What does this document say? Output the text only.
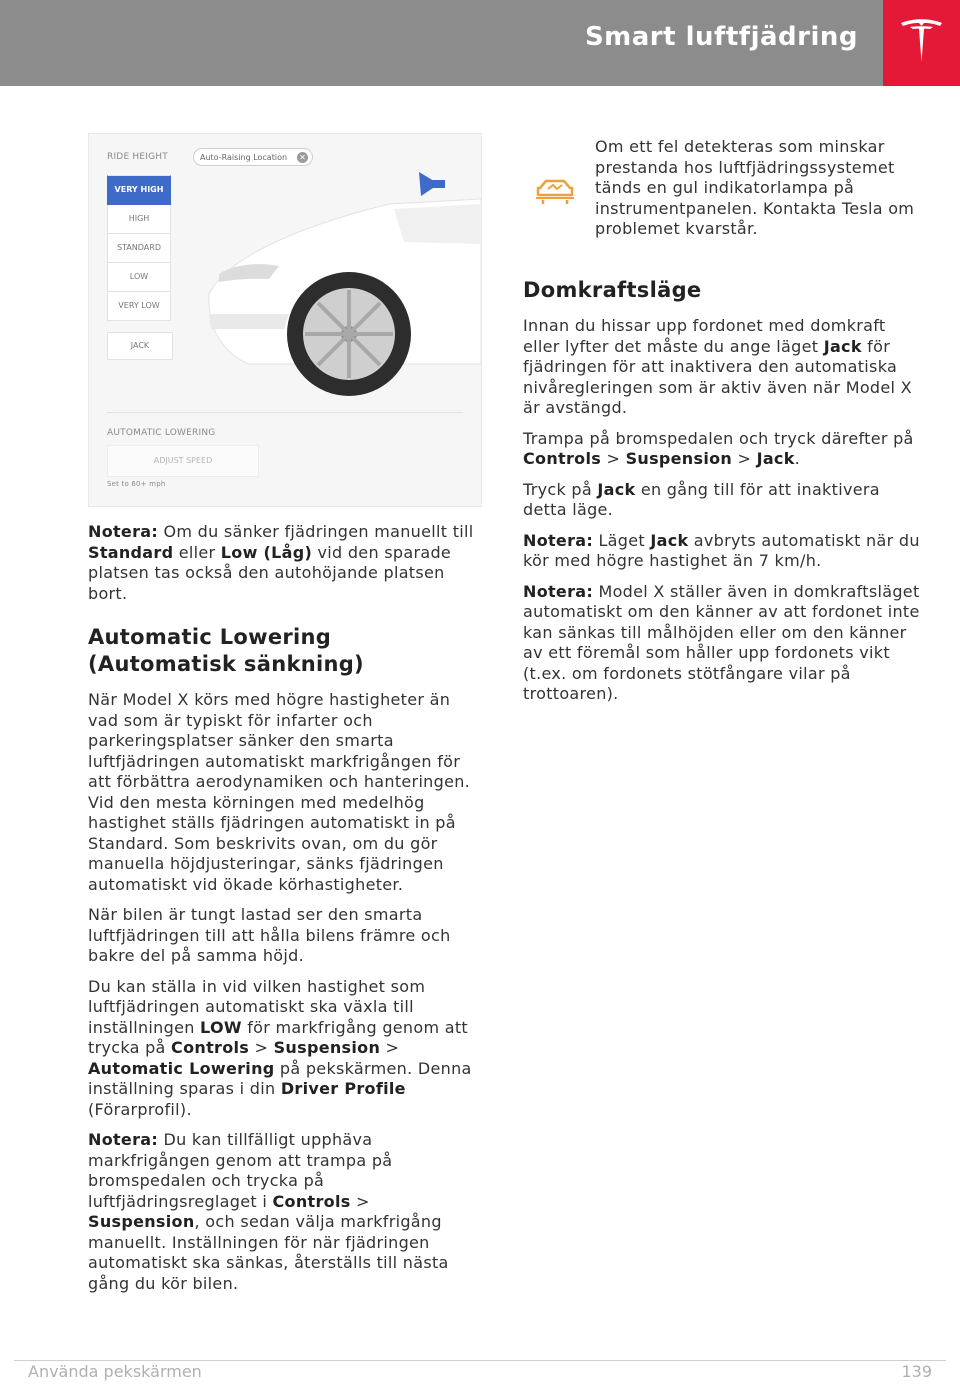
Smart luftfjädring
RIDE HEIGHT	Auto-Raising Location ✕
VERY HIGH
HIGH
STANDARD
LOW
VERY LOW
JACK
AUTOMATIC LOWERING
ADJUST SPEED
Set to 60+ mph

Notera: Om du sänker fjädringen manuellt till Standard eller Low (Låg) vid den sparade platsen tas också den autohöjande platsen bort.

Automatic Lowering (Automatisk sänkning)

När Model X körs med högre hastigheter än vad som är typiskt för infarter och parkeringsplatser sänker den smarta luftfjädringen automatiskt markfrigången för att förbättra aerodynamiken och hanteringen. Vid den mesta körningen med medelhög hastighet ställs fjädringen automatiskt in på Standard. Som beskrivits ovan, om du gör manuella höjdjusteringar, sänks fjädringen automatiskt vid ökade körhastigheter.

När bilen är tungt lastad ser den smarta luftfjädringen till att hålla bilens främre och bakre del på samma höjd.

Du kan ställa in vid vilken hastighet som luftfjädringen automatiskt ska växla till inställningen LOW för markfrigång genom att trycka på Controls > Suspension > Automatic Lowering på pekskärmen. Denna inställning sparas i din Driver Profile (Förarprofil).

Notera: Du kan tillfälligt upphäva markfrigången genom att trampa på bromspedalen och trycka på luftfjädringsreglaget i Controls > Suspension, och sedan välja markfrigång manuellt. Inställningen för när fjädringen automatiskt ska sänkas, återställs till nästa gång du kör bilen.

Om ett fel detekteras som minskar prestanda hos luftfjädringssystemet tänds en gul indikatorlampa på instrumentpanelen. Kontakta Tesla om problemet kvarstår.
Domkraftsläge

Innan du hissar upp fordonet med domkraft eller lyfter det måste du ange läget Jack för fjädringen för att inaktivera den automatiska nivåregleringen som är aktiv även när Model X är avstängd.

Trampa på bromspedalen och tryck därefter på Controls > Suspension > Jack.

Tryck på Jack en gång till för att inaktivera detta läge.

Notera: Läget Jack avbryts automatiskt när du kör med högre hastighet än 7 km/h.

Notera: Model X ställer även in domkraftsläget automatiskt om den känner av att fordonet inte kan sänkas till målhöjden eller om den känner av ett föremål som håller upp fordonets vikt (t.ex. om fordonets stötfångare vilar på trottoaren).

Använda pekskärmen	139
